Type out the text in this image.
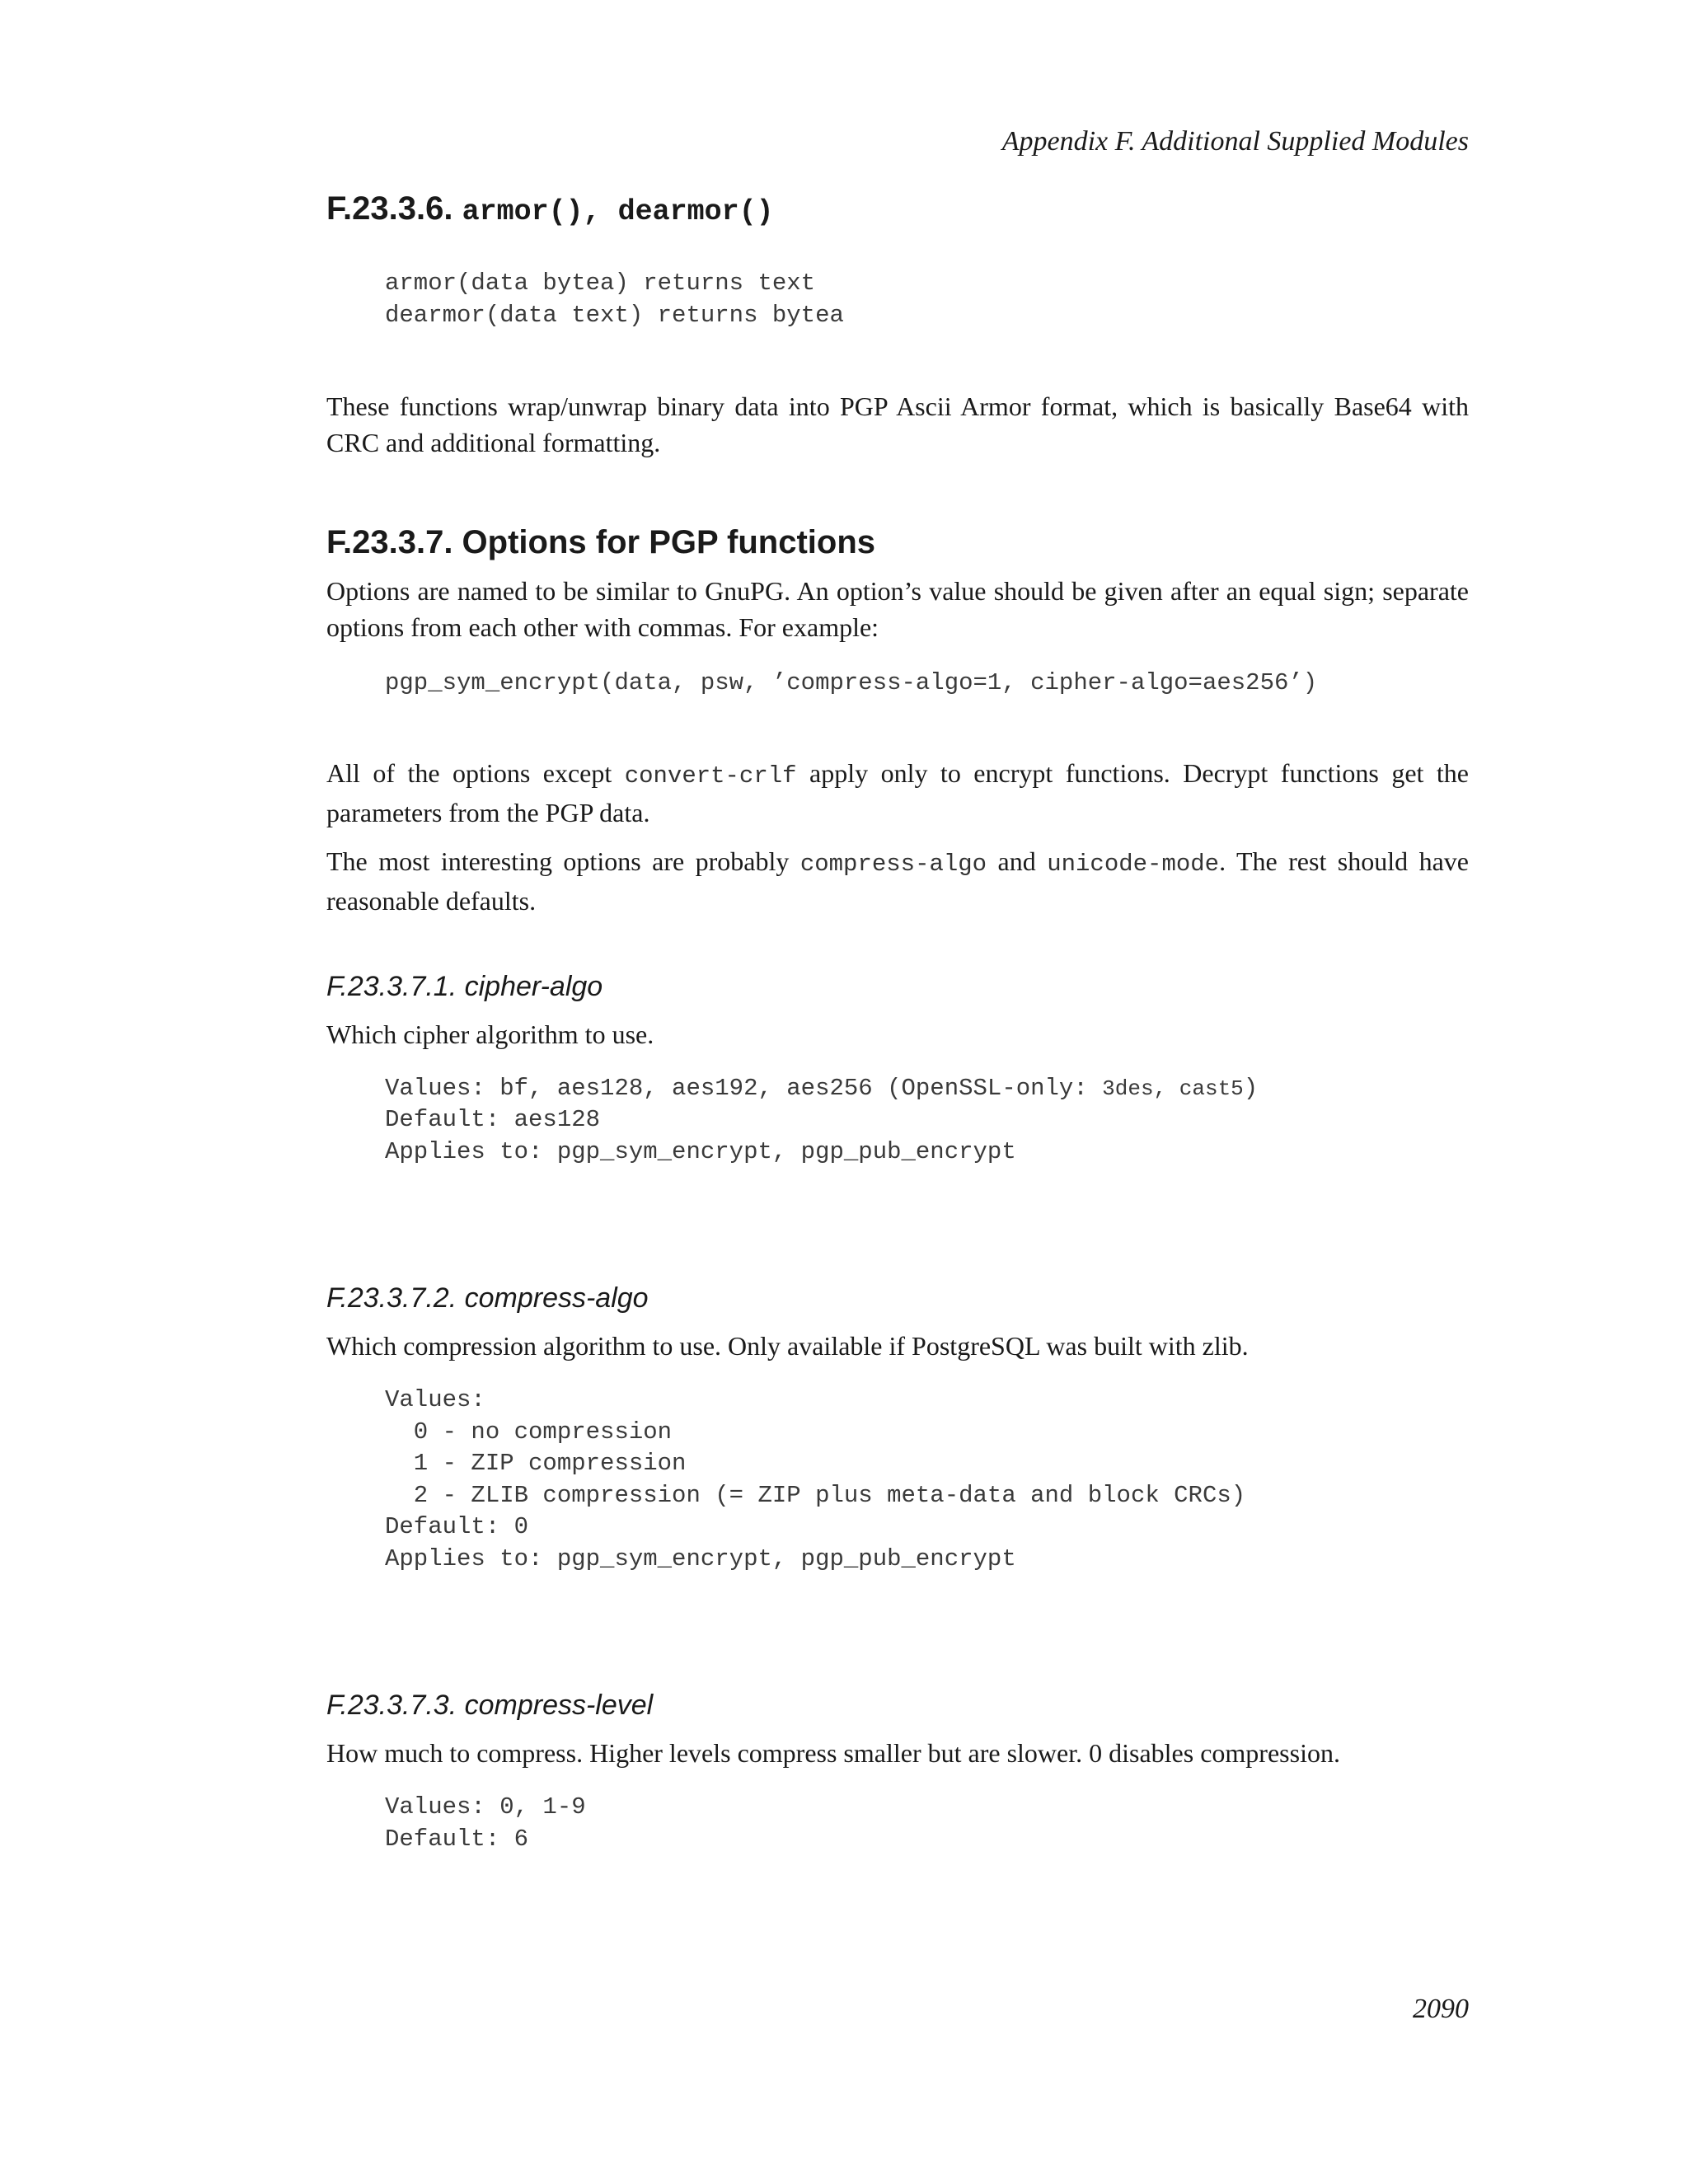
Appendix F. Additional Supplied Modules
F.23.3.6. armor(), dearmor()
armor(data bytea) returns text
dearmor(data text) returns bytea

These functions wrap/unwrap binary data into PGP Ascii Armor format, which is basically Base64 with CRC and additional formatting.

F.23.3.7. Options for PGP functions

Options are named to be similar to GnuPG. An option’s value should be given after an equal sign; separate options from each other with commas. For example:

pgp_sym_encrypt(data, psw, ’compress-algo=1, cipher-algo=aes256’)

All of the options except convert-crlf apply only to encrypt functions. Decrypt functions get the parameters from the PGP data.

The most interesting options are probably compress-algo and unicode-mode. The rest should have reasonable defaults.

F.23.3.7.1. cipher-algo

Which cipher algorithm to use.

Values: bf, aes128, aes192, aes256 (OpenSSL-only: 3des, cast5)
Default: aes128
Applies to: pgp_sym_encrypt, pgp_pub_encrypt
F.23.3.7.2. compress-algo

Which compression algorithm to use. Only available if PostgreSQL was built with zlib.

Values:
0 - no compression
1 - ZIP compression
2 - ZLIB compression (= ZIP plus meta-data and block CRCs)
Default: 0
Applies to: pgp_sym_encrypt, pgp_pub_encrypt
F.23.3.7.3. compress-level

How much to compress. Higher levels compress smaller but are slower. 0 disables compression.

Values: 0, 1-9
Default: 6
2090
